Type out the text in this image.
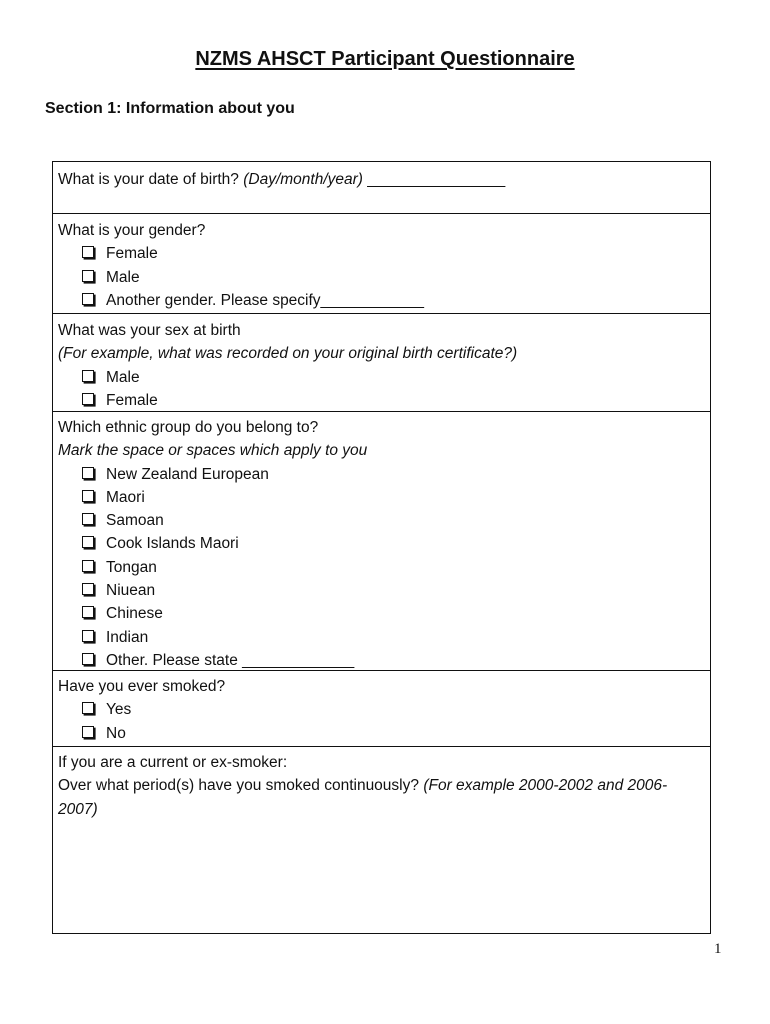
NZMS AHSCT Participant Questionnaire
Section 1: Information about you
What is your date of birth? (Day/month/year) ________________
What is your gender?
Female
Male
Another gender. Please specify____________
What was your sex at birth
(For example, what was recorded on your original birth certificate?)
Male
Female
Which ethnic group do you belong to?
Mark the space or spaces which apply to you
New Zealand European
Maori
Samoan
Cook Islands Maori
Tongan
Niuean
Chinese
Indian
Other. Please state _____________
Have you ever smoked?
Yes
No
If you are a current or ex-smoker:
Over what period(s) have you smoked continuously? (For example 2000-2002 and 2006-
2007)
1
